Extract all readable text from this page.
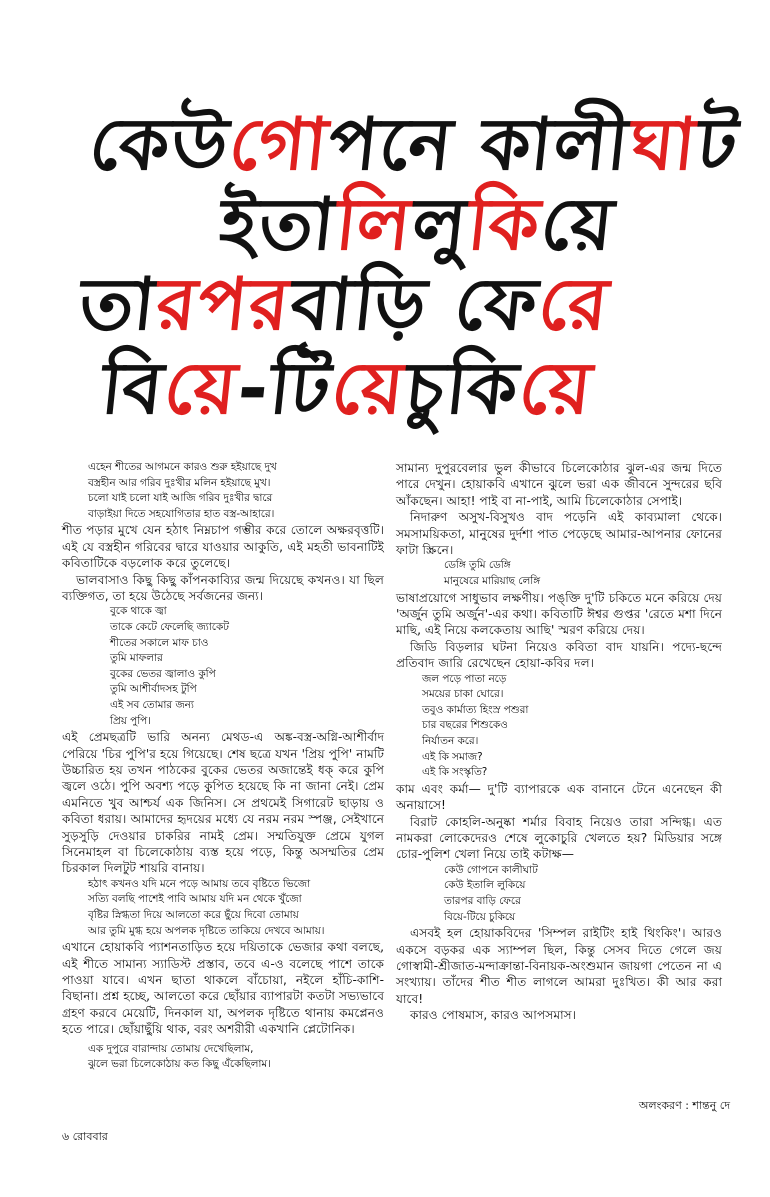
কেউগোপনে কালীঘাট
ইতালিলুকিয়ে
তারপরবাড়ি ফেরে
বিয়ে-টিয়েচুকিয়ে
এহেন শীতের আগমনে কারও শুরু হইয়াছে দুখ
বস্ত্রহীন আর গরিব দুঃখীর মলিন হইয়াছে মুখ।
চলো যাই চলো যাই আজি গরিব দুঃখীর দ্বারে
বাড়াইয়া দিতে সহযোগিতার হাত বস্ত্র-আহারে।

শীত পড়ার মুখে যেন হঠাৎ নিম্নচাপ গম্ভীর করে তোলে অক্ষরবৃত্তটি। এই যে বস্ত্রহীন গরিবের দ্বারে যাওয়ার আকুতি, এই মহতী ভাবনাটিই কবিতাটিকে বড়লোক করে তুলেছে।

ভালবাসাও কিছু কিছু কাঁপনকাব্যির জন্ম দিয়েছে কখনও। যা ছিল ব্যক্তিগত, তা হয়ে উঠেছে সর্বজনের জন্য।

বুকে থাকে জ্বা
তাকে কেটে ফেলেছি জ্যাকেট
শীতের সকালে মাফ চাও
তুমি মাফলার
বুকের ভেতর জ্বালাও কুপি
তুমি আশীর্বাদসহ টুপি
এই সব তোমার জন্য
প্রিয় পুপি।

এই প্রেমছত্রটি ভারি অনন্য মেথড-এ অঙ্ক-বস্ত্র-অগ্নি-আশীর্বাদ পেরিয়ে 'চির পুপি'র হয়ে গিয়েছে। শেষ ছত্রে যখন 'প্রিয় পুপি' নামটি উচ্চারিত হয় তখন পাঠকের বুকের ভেতর অজান্তেই ধক্‌ করে কুপি জ্বলে ওঠে। পুপি অবশ্য পড়ে কুপিত হয়েছে কি না জানা নেই। প্রেম এমনিতে খুব আশ্চর্য এক জিনিস। সে প্রথমেই সিগারেট ছাড়ায় ও কবিতা ধরায়। আমাদের হৃদয়ের মধ্যে যে নরম নরম স্পঞ্জ, সেইখানে সুড়সুড়ি দেওয়ার চাকরির নামই প্রেম। সম্মতিযুক্ত প্রেমে যুগল সিনেমাহল বা চিলেকোঠায় ব্যস্ত হয়ে পড়ে, কিন্তু অসম্মতির প্রেম চিরকাল দিলটুট শায়রি বানায়।

হঠাৎ কখনও যদি মনে পড়ে আমায় তবে বৃষ্টিতে ভিজো
সত্যি বলছি পাশেই পাবি আমায় যদি মন থেকে খুঁজো
বৃষ্টির স্নিগ্ধতা দিয়ে আলতো করে ছুঁয়ে দিবো তোমায়
আর তুমি মুগ্ধ হয়ে অপলক দৃষ্টিতে তাকিয়ে দেখবে আমায়।

এখানে হোয়াকবি প্যাশনতাড়িত হয়ে দয়িতাকে ভেজার কথা বলছে, এই শীতে সামান্য স্যাডিস্ট প্রস্তাব, তবে এ-ও বলেছে পাশে তাকে পাওয়া যাবে। এখন ছাতা থাকলে বাঁচোয়া, নইলে হাঁচি-কাশি-বিছানা। প্রশ্ন হচ্ছে, আলতো করে ছোঁয়ার ব্যাপারটা কতটা সভ্যভাবে গ্রহণ করবে মেয়েটি, দিনকাল যা, অপলক দৃষ্টিতে থানায় কমপ্লেনও হতে পারে। ছোঁয়াছুঁয়ি থাক, বরং অশরীরী একখানি প্লেটোনিক।

এক দুপুরে বারান্দায় তোমায় দেখেছিলাম,
ঝুলে ভরা চিলেকোঠায় কত কিছু এঁকেছিলাম।

সামান্য দুপুরবেলার ভুল কীভাবে চিলেকোঠার ঝুল-এর জন্ম দিতে পারে দেখুন। হোয়াকবি এখানে ঝুলে ভরা এক জীবনে সুন্দরের ছবি আঁকছেন। আহা! পাই বা না-পাই, আমি চিলেকোঠার সেপাই।

নিদারুণ অসুখ-বিসুখও বাদ পড়েনি এই কাব্যমালা থেকে। সমসাময়িকতা, মানুষের দুর্দশা পাত পেড়েছে আমার-আপনার ফোনের ফাটা স্ক্রিনে।

ডেঙ্গি তুমি ডেঙ্গি
মানুষেরে মারিয়াছ লেঙ্গি

ভাষাপ্রয়োগে সাধুভাব লক্ষণীয়। পঙ্‌ক্তি দু'টি চকিতে মনে করিয়ে দেয় 'অর্জুন তুমি অর্জুন'-এর কথা। কবিতাটি ঈশ্বর গুপ্তর 'রেতে মশা দিনে মাছি, এই নিয়ে কলকেতায় আছি' স্মরণ করিয়ে দেয়।

জিডি বিড়লার ঘটনা নিয়েও কবিতা বাদ যায়নি। পদ্যে-ছন্দে প্রতিবাদ জারি রেখেছেন হোয়া-কবির দল।

জল পড়ে পাতা নড়ে
সময়ের চাকা ঘোরে।
তবুও কার্মাত্য হিংস্র পশুরা
চার বছরের শিশুকেও
নির্যাতন করে।
এই কি সমাজ?
এই কি সংস্কৃতি?

কাম এবং কর্মা— দু'টি ব্যাপারকে এক বানানে টেনে এনেছেন কী অনায়াসে!

বিরাট কোহলি-অনুষ্কা শর্মার বিবাহ নিয়েও তারা সন্দিগ্ধ। এত নামকরা লোকেদেরও শেষে লুকোচুরি খেলতে হয়? মিডিয়ার সঙ্গে চোর-পুলিশ খেলা নিয়ে তাই কটাক্ষ—

কেউ গোপনে কালীঘাট
কেউ ইতালি লুকিয়ে
তারপর বাড়ি ফেরে
বিয়ে-টিয়ে চুকিয়ে

এসবই হল হোয়াকবিদের 'সিম্পল রাইটিং হাই থিংকিং'। আরও একসে বড়কর এক স্যাম্পল ছিল, কিন্তু সেসব দিতে গেলে জয় গোস্বামী-শ্রীজাত-মন্দাক্রান্তা-বিনায়ক-অংশুমান জায়গা পেতেন না এ সংখ্যায়। তাঁদের শীত শীত লাগলে আমরা দুঃখিত। কী আর করা যাবে!

কারও পোষমাস, কারও আপসমাস।

অলংকরণ : শান্তনু দে
৬ রোববার
